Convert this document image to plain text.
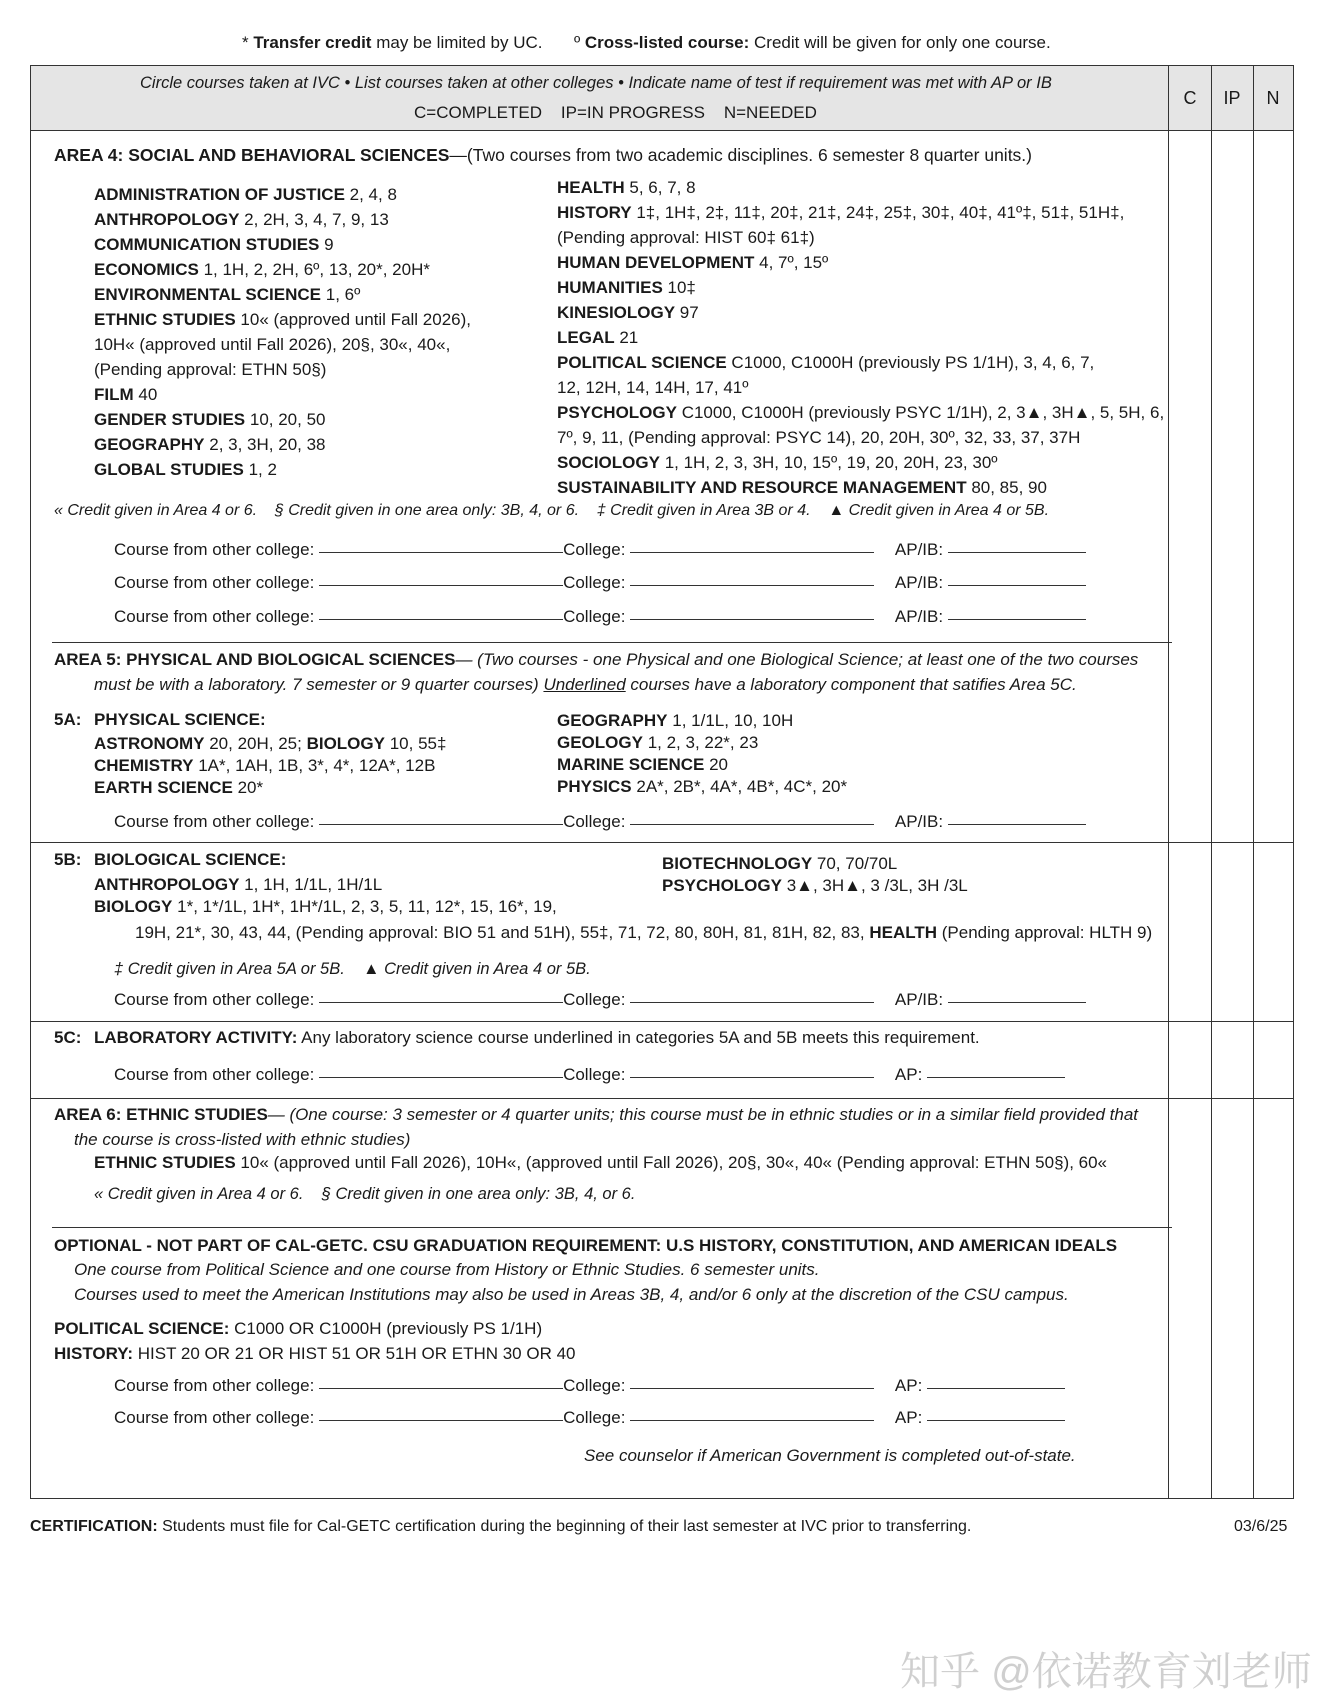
* Transfer credit may be limited by UC. º Cross-listed course: Credit will be given for only one course.
Circle courses taken at IVC • List courses taken at other colleges • Indicate name of test if requirement was met with AP or IB
C=COMPLETED    IP=IN PROGRESS    N=NEEDED
C	IP	N
AREA 4: SOCIAL AND BEHAVIORAL SCIENCES—(Two courses from two academic disciplines. 6 semester 8 quarter units.)
ADMINISTRATION OF JUSTICE 2, 4, 8
ANTHROPOLOGY 2, 2H, 3, 4, 7, 9, 13
COMMUNICATION STUDIES 9
ECONOMICS 1, 1H, 2, 2H, 6º, 13, 20*, 20H*
ENVIRONMENTAL SCIENCE 1, 6º
ETHNIC STUDIES 10« (approved until Fall 2026),
10H« (approved until Fall 2026), 20§, 30«, 40«,
(Pending approval: ETHN 50§)
FILM 40
GENDER STUDIES 10, 20, 50
GEOGRAPHY 2, 3, 3H, 20, 38
GLOBAL STUDIES 1, 2
HEALTH 5, 6, 7, 8
HISTORY 1‡, 1H‡, 2‡, 11‡, 20‡, 21‡, 24‡, 25‡, 30‡, 40‡, 41º‡, 51‡, 51H‡,
(Pending approval: HIST 60‡ 61‡)
HUMAN DEVELOPMENT 4, 7º, 15º
HUMANITIES 10‡
KINESIOLOGY 97
LEGAL 21
POLITICAL SCIENCE C1000, C1000H (previously PS 1/1H), 3, 4, 6, 7,
12, 12H, 14, 14H, 17, 41º
PSYCHOLOGY C1000, C1000H (previously PSYC 1/1H), 2, 3▲, 3H▲, 5, 5H, 6,
7º, 9, 11, (Pending approval: PSYC 14), 20, 20H, 30º, 32, 33, 37, 37H
SOCIOLOGY 1, 1H, 2, 3, 3H, 10, 15º, 19, 20, 20H, 23, 30º
SUSTAINABILITY AND RESOURCE MANAGEMENT 80, 85, 90
« Credit given in Area 4 or 6.    § Credit given in one area only: 3B, 4, or 6.    ‡ Credit given in Area 3B or 4.    ▲ Credit given in Area 4 or 5B.
Course from other college:	College:	AP/IB:
Course from other college:	College:	AP/IB:
Course from other college:	College:	AP/IB:
AREA 5: PHYSICAL AND BIOLOGICAL SCIENCES— (Two courses - one Physical and one Biological Science; at least one of the two courses
must be with a laboratory. 7 semester or 9 quarter courses) Underlined courses have a laboratory component that satifies Area 5C.
5A: PHYSICAL SCIENCE:
ASTRONOMY 20, 20H, 25; BIOLOGY 10, 55‡
CHEMISTRY 1A*, 1AH, 1B, 3*, 4*, 12A*, 12B
EARTH SCIENCE 20*
GEOGRAPHY 1, 1/1L, 10, 10H
GEOLOGY 1, 2, 3, 22*, 23
MARINE SCIENCE 20
PHYSICS 2A*, 2B*, 4A*, 4B*, 4C*, 20*
Course from other college:	College:	AP/IB:
5B: BIOLOGICAL SCIENCE:
ANTHROPOLOGY 1, 1H, 1/1L, 1H/1L
BIOLOGY 1*, 1*/1L, 1H*, 1H*/1L, 2, 3, 5, 11, 12*, 15, 16*, 19,
19H, 21*, 30, 43, 44, (Pending approval: BIO 51 and 51H), 55‡, 71, 72, 80, 80H, 81, 81H, 82, 83, HEALTH (Pending approval: HLTH 9)
BIOTECHNOLOGY 70, 70/70L
PSYCHOLOGY 3▲, 3H▲, 3 /3L, 3H /3L
‡ Credit given in Area 5A or 5B.    ▲ Credit given in Area 4 or 5B.
Course from other college:	College:	AP/IB:
5C: LABORATORY ACTIVITY: Any laboratory science course underlined in categories 5A and 5B meets this requirement.
Course from other college:	College:	AP:
AREA 6: ETHNIC STUDIES— (One course: 3 semester or 4 quarter units; this course must be in ethnic studies or in a similar field provided that
the course is cross-listed with ethnic studies)
ETHNIC STUDIES 10« (approved until Fall 2026), 10H«, (approved until Fall 2026), 20§, 30«, 40« (Pending approval: ETHN 50§), 60«
« Credit given in Area 4 or 6.    § Credit given in one area only: 3B, 4, or 6.
OPTIONAL - NOT PART OF CAL-GETC. CSU GRADUATION REQUIREMENT: U.S HISTORY, CONSTITUTION, AND AMERICAN IDEALS
One course from Political Science and one course from History or Ethnic Studies. 6 semester units.
Courses used to meet the American Institutions may also be used in Areas 3B, 4, and/or 6 only at the discretion of the CSU campus.
POLITICAL SCIENCE: C1000 OR C1000H (previously PS 1/1H)
HISTORY: HIST 20 OR 21 OR HIST 51 OR 51H OR ETHN 30 OR 40
Course from other college:	College:	AP:
Course from other college:	College:	AP:
See counselor if American Government is completed out-of-state.
CERTIFICATION: Students must file for Cal-GETC certification during the beginning of their last semester at IVC prior to transferring.	03/6/25
知乎 @依诺教育刘老师
